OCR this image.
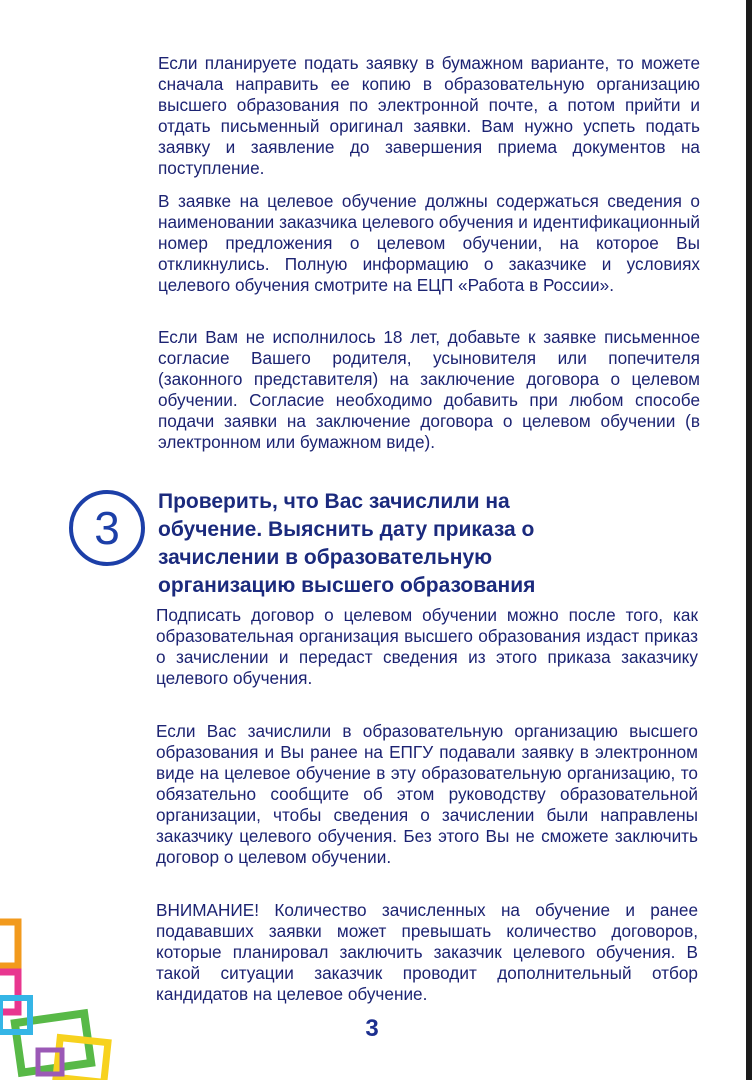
Если планируете подать заявку в бумажном варианте, то можете сначала направить ее копию в образовательную организацию высшего образования по электронной почте, а потом прийти и отдать письменный оригинал заявки. Вам нужно успеть подать заявку и заявление до завершения приема документов на поступление.

В заявке на целевое обучение должны содержаться сведения о наименовании заказчика целевого обучения и идентификационный номер предложения о целевом обучении, на которое Вы откликнулись. Полную информацию о заказчике и условиях целевого обучения смотрите на ЕЦП «Работа в России».

Если Вам не исполнилось 18 лет, добавьте к заявке письменное согласие Вашего родителя, усыновителя или попечителя (законного представителя) на заключение договора о целевом обучении. Согласие необходимо добавить при любом способе подачи заявки на заключение договора о целевом обучении (в электронном или бумажном виде).

3
Проверить, что Вас зачислили на обучение. Выяснить дату приказа о зачислении в образовательную организацию высшего образования

Подписать договор о целевом обучении можно после того, как образовательная организация высшего образования издаст приказ о зачислении и передаст сведения из этого приказа заказчику целевого обучения.

Если Вас зачислили в образовательную организацию высшего образования и Вы ранее на ЕПГУ подавали заявку в электронном виде на целевое обучение в эту образовательную организацию, то обязательно сообщите об этом руководству образовательной организации, чтобы сведения о зачислении были направлены заказчику целевого обучения. Без этого Вы не сможете заключить договор о целевом обучении.

ВНИМАНИЕ! Количество зачисленных на обучение и ранее подававших заявки может превышать количество договоров, которые планировал заключить заказчик целевого обучения. В такой ситуации заказчик проводит дополнительный отбор кандидатов на целевое обучение.

3
